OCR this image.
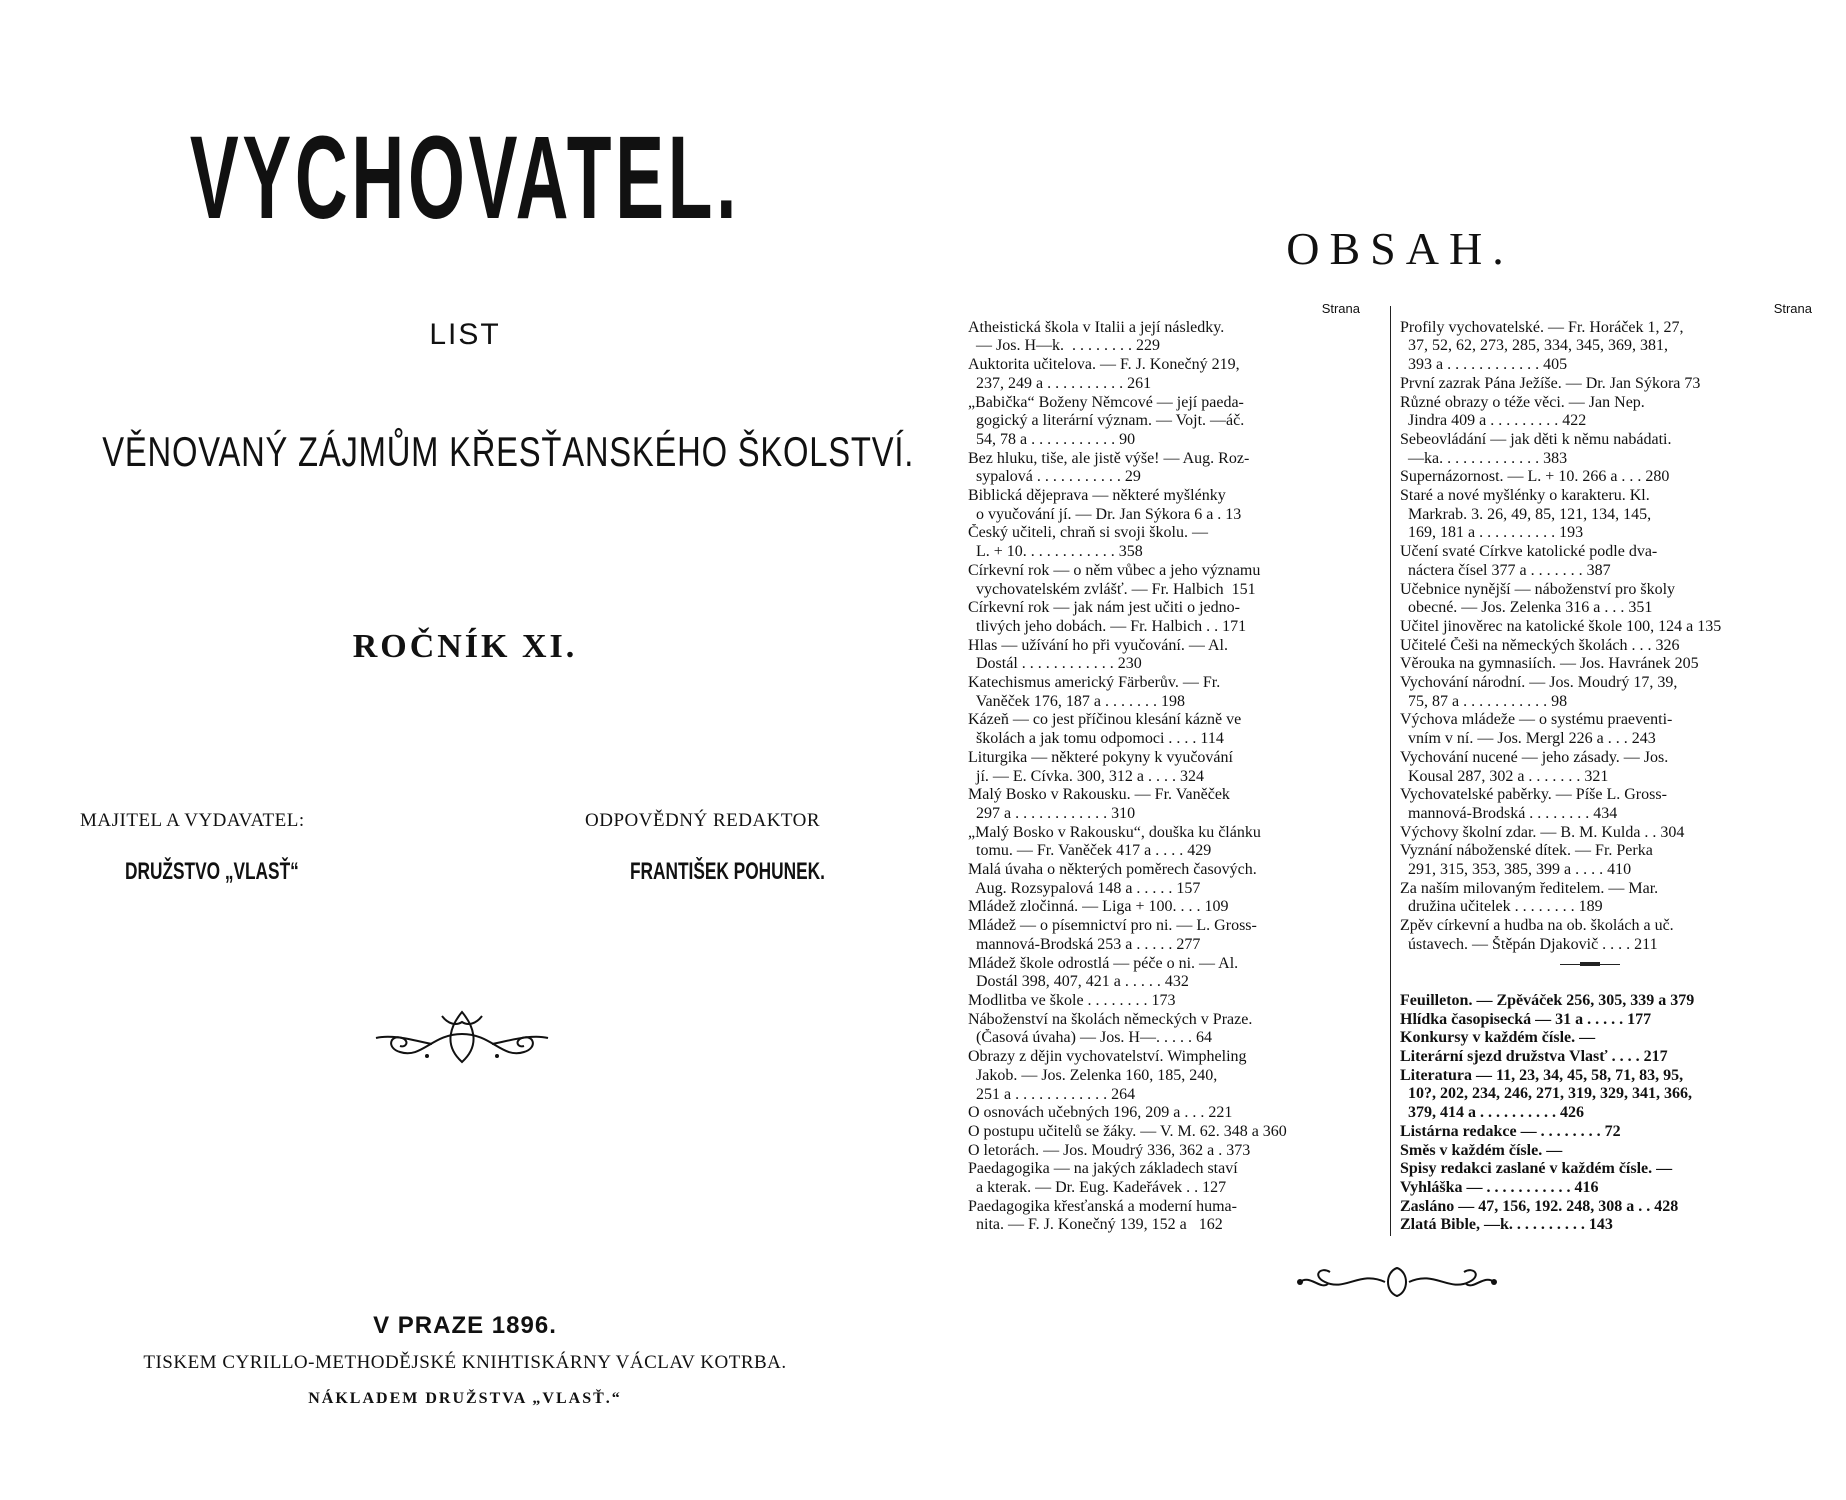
VYCHOVATEL.
LIST
VĚNOVANÝ ZÁJMŮM KŘESŤANSKÉHO ŠKOLSTVÍ.
ROČNÍK XI.
MAJITEL A VYDAVATEL:
DRUŽSTVO „VLASŤ“
ODPOVĚDNÝ REDAKTOR
FRANTIŠEK POHUNEK.
V PRAZE 1896.
TISKEM CYRILLO-METHODĚJSKÉ KNIHTISKÁRNY VÁCLAV KOTRBA.
NÁKLADEM DRUŽSTVA „VLASŤ.“
OBSAH.
Strana
Atheistická škola v Italii a její následky.
— Jos. H—k.  . . . . . . . . 229
Auktorita učitelova. — F. J. Konečný 219,
237, 249 a . . . . . . . . . . 261
„Babička“ Boženy Němcové — její paeda-
gogický a literární význam. — Vojt. —áč.
54, 78 a . . . . . . . . . . . 90
Bez hluku, tiše, ale jistě výše! — Aug. Roz-
sypalová . . . . . . . . . . . 29
Biblická dějeprava — některé myšlénky
o vyučování jí. — Dr. Jan Sýkora 6 a . 13
Český učiteli, chraň si svoji školu. —
L. + 10. . . . . . . . . . . . 358
Církevní rok — o něm vůbec a jeho významu
vychovatelském zvlášť. — Fr. Halbich  151
Církevní rok — jak nám jest učiti o jedno-
tlivých jeho dobách. — Fr. Halbich . . 171
Hlas — užívání ho při vyučování. — Al.
Dostál . . . . . . . . . . . . 230
Katechismus americký Färberův. — Fr.
Vaněček 176, 187 a . . . . . . . 198
Kázeň — co jest příčinou klesání kázně ve
školách a jak tomu odpomoci . . . . 114
Liturgika — některé pokyny k vyučování
jí. — E. Cívka. 300, 312 a . . . . 324
Malý Bosko v Rakousku. — Fr. Vaněček
297 a . . . . . . . . . . . . 310
„Malý Bosko v Rakousku“, douška ku článku
tomu. — Fr. Vaněček 417 a . . . . 429
Malá úvaha o některých poměrech časových.
Aug. Rozsypalová 148 a . . . . . 157
Mládež zločinná. — Liga + 100. . . . 109
Mládež — o písemnictví pro ni. — L. Gross-
mannová-Brodská 253 a . . . . . 277
Mládež škole odrostlá — péče o ni. — Al.
Dostál 398, 407, 421 a . . . . . 432
Modlitba ve škole . . . . . . . . 173
Náboženství na školách německých v Praze.
(Časová úvaha) — Jos. H—. . . . . 64
Obrazy z dějin vychovatelství. Wimpheling
Jakob. — Jos. Zelenka 160, 185, 240,
251 a . . . . . . . . . . . . 264
O osnovách učebných 196, 209 a . . . 221
O postupu učitelů se žáky. — V. M. 62. 348 a 360
O letorách. — Jos. Moudrý 336, 362 a . 373
Paedagogika — na jakých základech staví
a kterak. — Dr. Eug. Kadeřávek . . 127
Paedagogika křesťanská a moderní huma-
nita. — F. J. Konečný 139, 152 a   162
Strana
Profily vychovatelské. — Fr. Horáček 1, 27,
37, 52, 62, 273, 285, 334, 345, 369, 381,
393 a . . . . . . . . . . . . 405
První zazrak Pána Ježíše. — Dr. Jan Sýkora 73
Různé obrazy o téže věci. — Jan Nep.
Jindra 409 a . . . . . . . . . 422
Sebeovládání — jak děti k němu nabádati.
—ka. . . . . . . . . . . . . 383
Supernázornost. — L. + 10. 266 a . . . 280
Staré a nové myšlénky o karakteru. Kl.
Markrab. 3. 26, 49, 85, 121, 134, 145,
169, 181 a . . . . . . . . . . 193
Učení svaté Církve katolické podle dva-
náctera čísel 377 a . . . . . . . 387
Učebnice nynější — náboženství pro školy
obecné. — Jos. Zelenka 316 a . . . 351
Učitel jinověrec na katolické škole 100, 124 a 135
Učitelé Češi na německých školách . . . 326
Věrouka na gymnasiích. — Jos. Havránek 205
Vychování národní. — Jos. Moudrý 17, 39,
75, 87 a . . . . . . . . . . . 98
Výchova mládeže — o systému praeventi-
vním v ní. — Jos. Mergl 226 a . . . 243
Vychování nucené — jeho zásady. — Jos.
Kousal 287, 302 a . . . . . . . 321
Vychovatelské paběrky. — Píše L. Gross-
mannová-Brodská . . . . . . . . 434
Výchovy školní zdar. — B. M. Kulda . . 304
Vyznání náboženské dítek. — Fr. Perka
291, 315, 353, 385, 399 a . . . . 410
Za naším milovaným ředitelem. — Mar.
družina učitelek . . . . . . . . 189
Zpěv církevní a hudba na ob. školách a uč.
ústavech. — Štěpán Djakovič . . . . 211
Feuilleton. — Zpěváček 256, 305, 339 a 379
Hlídka časopisecká — 31 a . . . . . 177
Konkursy v každém čísle. —
Literární sjezd družstva Vlasť . . . . 217
Literatura — 11, 23, 34, 45, 58, 71, 83, 95,
10?, 202, 234, 246, 271, 319, 329, 341, 366,
379, 414 a . . . . . . . . . . 426
Listárna redakce — . . . . . . . . 72
Směs v každém čísle. —
Spisy redakci zaslané v každém čísle. —
Vyhláška — . . . . . . . . . . . 416
Zasláno — 47, 156, 192. 248, 308 a . . 428
Zlatá Bible, —k. . . . . . . . . . 143
